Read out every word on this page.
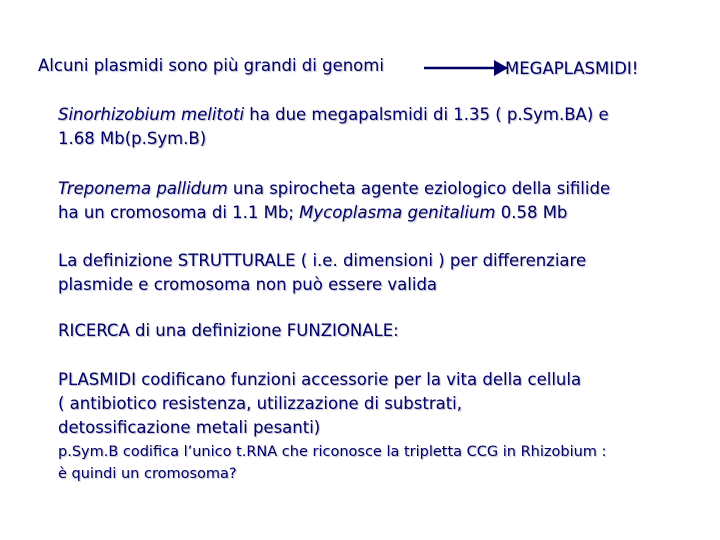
Alcuni plasmidi sono più grandi di genomi	MEGAPLASMIDI!
Sinorhizobium melitoti ha due megapalsmidi di 1.35 ( p.Sym.BA) e
1.68 Mb(p.Sym.B)
Treponema pallidum una spirocheta agente eziologico della sifilide
ha un cromosoma di 1.1 Mb; Mycoplasma genitalium 0.58 Mb
La definizione STRUTTURALE ( i.e. dimensioni ) per differenziare
plasmide e cromosoma non può essere valida
RICERCA di una definizione FUNZIONALE:
PLASMIDI codificano funzioni accessorie per la vita della cellula
( antibiotico resistenza, utilizzazione di substrati,
detossificazione metali pesanti)
p.Sym.B codifica l’unico t.RNA che riconosce la tripletta CCG in Rhizobium :
è quindi un cromosoma?
